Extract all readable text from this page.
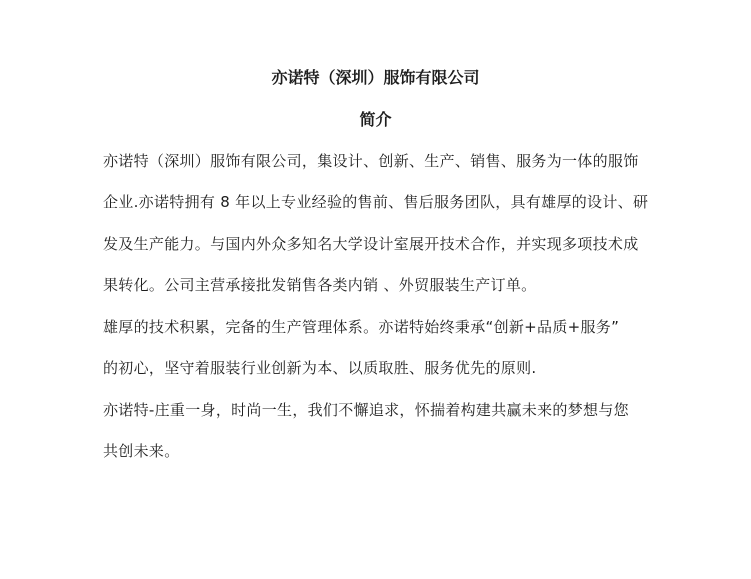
亦诺特（深圳）服饰有限公司
简介
亦诺特（深圳）服饰有限公司，集设计、创新、生产、销售、服务为一体的服饰
企业.亦诺特拥有 8 年以上专业经验的售前、售后服务团队，具有雄厚的设计、研
发及生产能力。与国内外众多知名大学设计室展开技术合作，并实现多项技术成
果转化。公司主营承接批发销售各类内销 、外贸服装生产订单。
雄厚的技术积累，完备的生产管理体系。亦诺特始终秉承“创新+品质+服务”
的初心，坚守着服装行业创新为本、以质取胜、服务优先的原则.
亦诺特-庄重一身，时尚一生，我们不懈追求，怀揣着构建共赢未来的梦想与您
共创未来。
